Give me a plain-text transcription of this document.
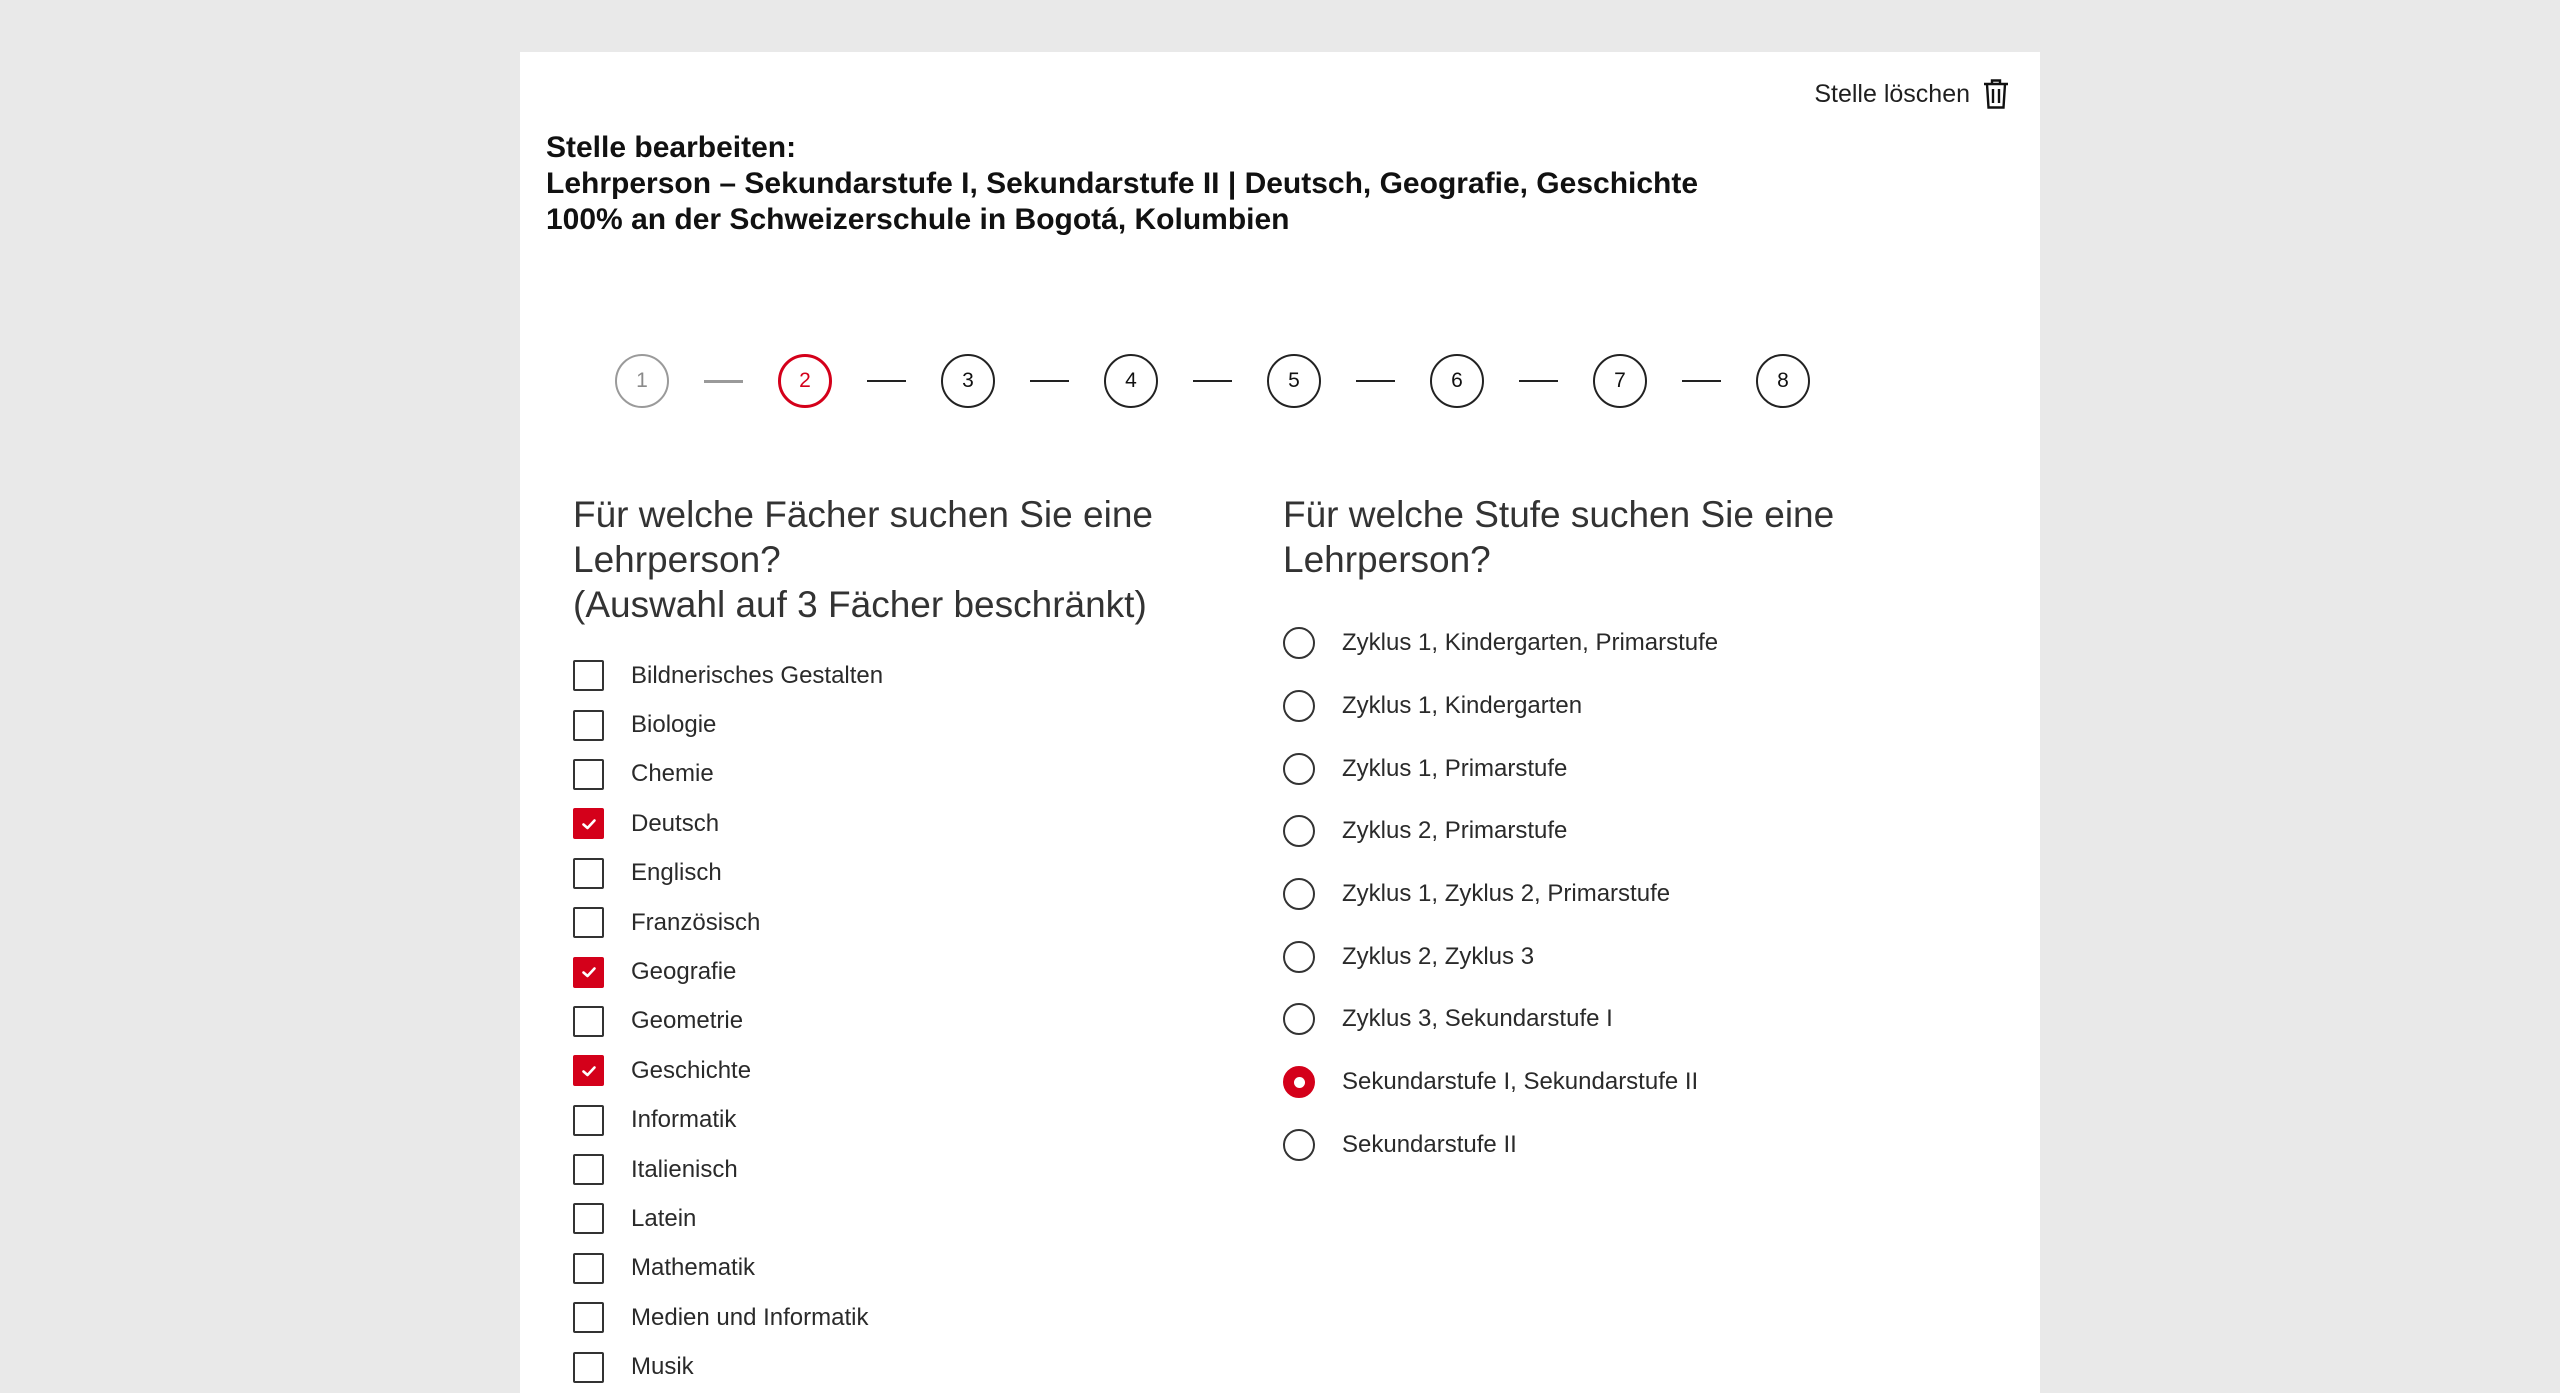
Stelle löschen
Stelle bearbeiten:
Lehrperson – Sekundarstufe I, Sekundarstufe II | Deutsch, Geografie, Geschichte
100% an der Schweizerschule in Bogotá, Kolumbien
1	2	3	4	5	6	7	8
Für welche Fächer suchen Sie eine
Lehrperson?
(Auswahl auf 3 Fächer beschränkt)
Bildnerisches Gestalten
Biologie
Chemie
Deutsch
Englisch
Französisch
Geografie
Geometrie
Geschichte
Informatik
Italienisch
Latein
Mathematik
Medien und Informatik
Musik
Für welche Stufe suchen Sie eine
Lehrperson?
Zyklus 1, Kindergarten, Primarstufe
Zyklus 1, Kindergarten
Zyklus 1, Primarstufe
Zyklus 2, Primarstufe
Zyklus 1, Zyklus 2, Primarstufe
Zyklus 2, Zyklus 3
Zyklus 3, Sekundarstufe I
Sekundarstufe I, Sekundarstufe II
Sekundarstufe II
